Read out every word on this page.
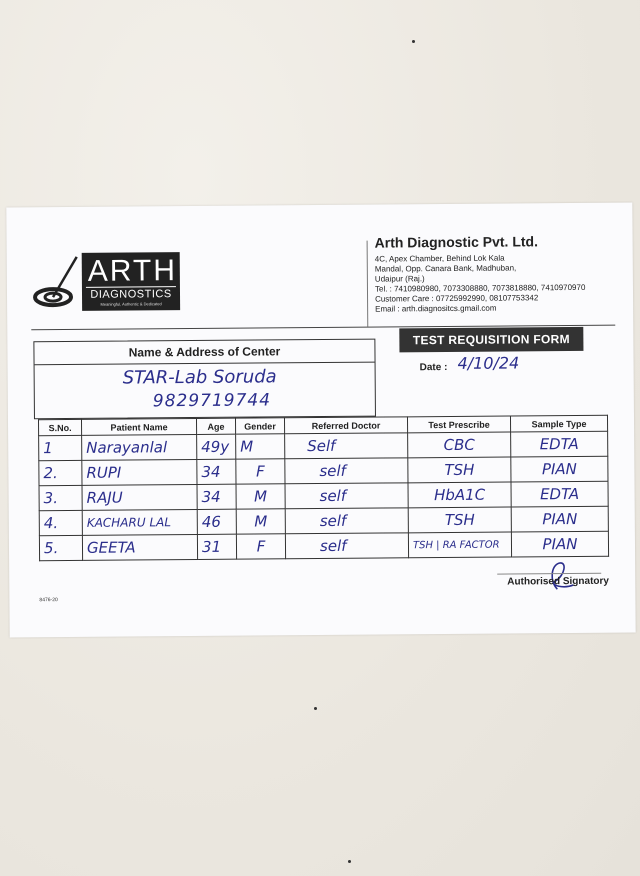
ARTH
DIAGNOSTICS
Meaningful, Authentic & Dedicated
Arth Diagnostic Pvt. Ltd.
4C, Apex Chamber, Behind Lok Kala
Mandal, Opp. Canara Bank, Madhuban,
Udaipur (Raj.)
Tel. : 7410980980, 7073308880, 7073818880, 7410970970
Customer Care : 07725992990, 08107753342
Email : arth.diagnositcs.gmail.com
Name & Address of Center
STAR-Lab Soruda
9829719744
TEST REQUISITION FORM
Date : 4/10/24
S.No.	Patient Name	Age	Gender	Referred Doctor	Test Prescribe	Sample Type
1	Narayanlal	49y	M	Self	CBC	EDTA
2.	RUPI	34	F	self	TSH	PIAN
3.	RAJU	34	M	self	HbA1C	EDTA
4.	KACHARU LAL	46	M	self	TSH	PIAN
5.	GEETA	31	F	self	TSH | RA FACTOR	PIAN
8476-20
Authorised Signatory
